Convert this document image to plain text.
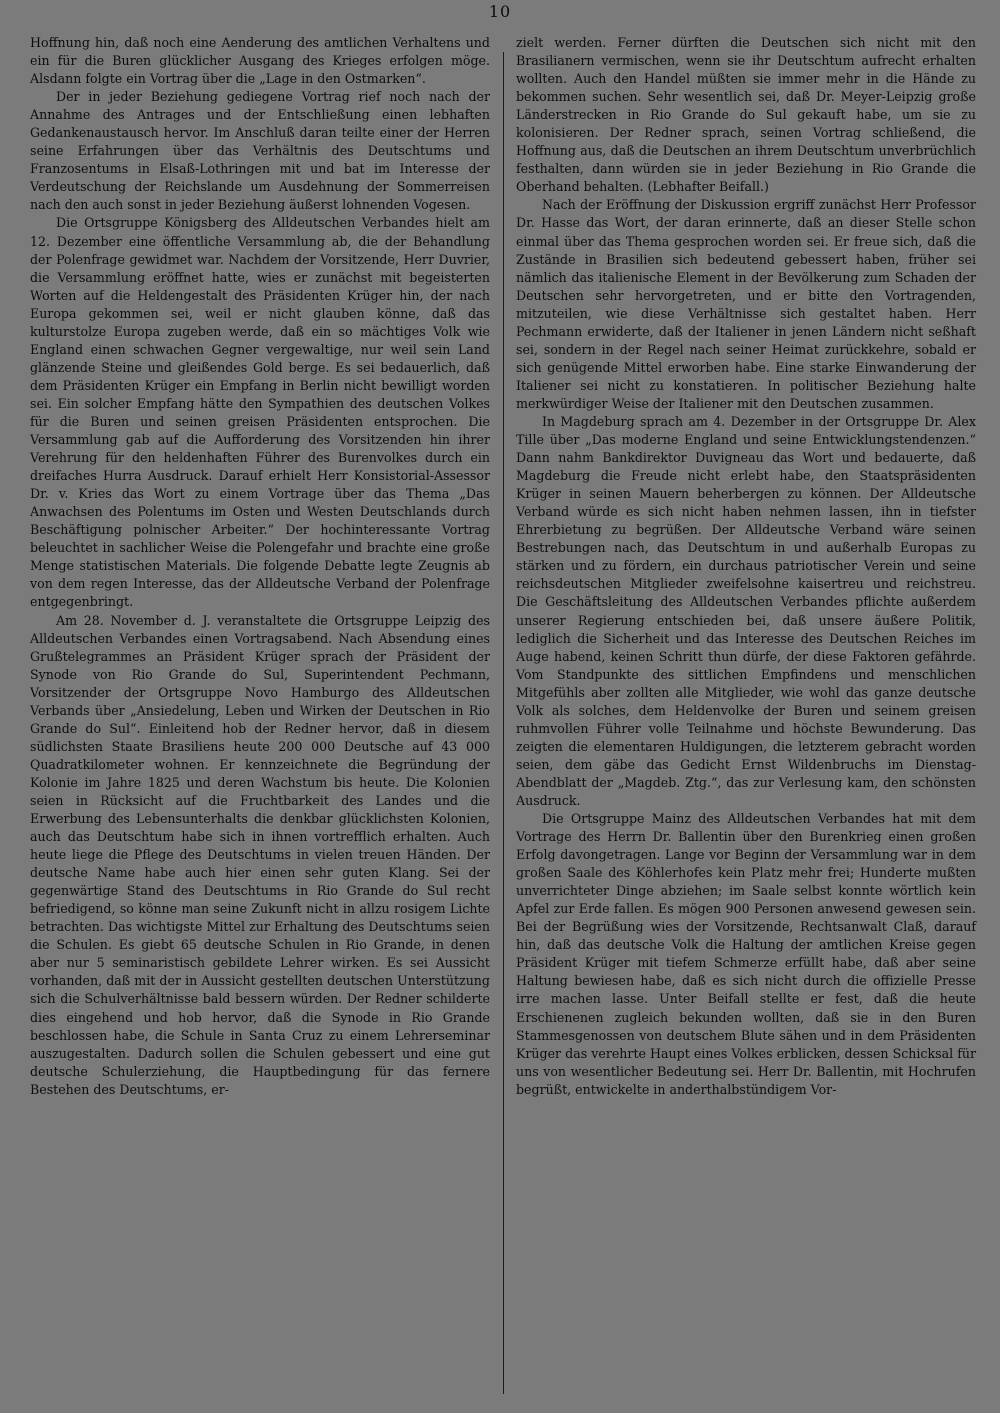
10

Hoffnung hin, daß noch eine Aenderung des amtlichen Verhaltens und ein für die Buren glücklicher Ausgang des Krieges erfolgen möge. Alsdann folgte ein Vortrag über die „Lage in den Ostmarken“.

Der in jeder Beziehung gediegene Vortrag rief noch nach der Annahme des Antrages und der Entschließung einen lebhaften Gedankenaustausch hervor. Im Anschluß daran teilte einer der Herren seine Erfahrungen über das Verhältnis des Deutschtums und Franzosentums in Elsaß-Lothringen mit und bat im Interesse der Verdeutschung der Reichslande um Ausdehnung der Sommerreisen nach den auch sonst in jeder Beziehung äußerst lohnenden Vogesen.

Die Ortsgruppe Königsberg des Alldeutschen Verbandes hielt am 12. Dezember eine öffentliche Versammlung ab, die der Behandlung der Polenfrage gewidmet war. Nachdem der Vorsitzende, Herr Duvrier, die Versammlung eröffnet hatte, wies er zunächst mit begeisterten Worten auf die Heldengestalt des Präsidenten Krüger hin, der nach Europa gekommen sei, weil er nicht glauben könne, daß das kulturstolze Europa zugeben werde, daß ein so mächtiges Volk wie England einen schwachen Gegner vergewaltige, nur weil sein Land glänzende Steine und gleißendes Gold berge. Es sei bedauerlich, daß dem Präsidenten Krüger ein Empfang in Berlin nicht bewilligt worden sei. Ein solcher Empfang hätte den Sympathien des deutschen Volkes für die Buren und seinen greisen Präsidenten entsprochen. Die Versammlung gab auf die Aufforderung des Vorsitzenden hin ihrer Verehrung für den heldenhaften Führer des Burenvolkes durch ein dreifaches Hurra Ausdruck. Darauf erhielt Herr Konsistorial-Assessor Dr. v. Kries das Wort zu einem Vortrage über das Thema „Das Anwachsen des Polentums im Osten und Westen Deutschlands durch Beschäftigung polnischer Arbeiter.“ Der hochinteressante Vortrag beleuchtet in sachlicher Weise die Polengefahr und brachte eine große Menge statistischen Materials. Die folgende Debatte legte Zeugnis ab von dem regen Interesse, das der Alldeutsche Verband der Polenfrage entgegenbringt.

Am 28. November d. J. veranstaltete die Ortsgruppe Leipzig des Alldeutschen Verbandes einen Vortragsabend. Nach Absendung eines Grußtelegrammes an Präsident Krüger sprach der Präsident der Synode von Rio Grande do Sul, Superintendent Pechmann, Vorsitzender der Ortsgruppe Novo Hamburgo des Alldeutschen Verbands über „Ansiedelung, Leben und Wirken der Deutschen in Rio Grande do Sul“. Einleitend hob der Redner hervor, daß in diesem südlichsten Staate Brasiliens heute 200 000 Deutsche auf 43 000 Quadratkilometer wohnen. Er kennzeichnete die Begründung der Kolonie im Jahre 1825 und deren Wachstum bis heute. Die Kolonien seien in Rücksicht auf die Fruchtbarkeit des Landes und die Erwerbung des Lebensunterhalts die denkbar glücklichsten Kolonien, auch das Deutschtum habe sich in ihnen vortrefflich erhalten. Auch heute liege die Pflege des Deutschtums in vielen treuen Händen. Der deutsche Name habe auch hier einen sehr guten Klang. Sei der gegenwärtige Stand des Deutschtums in Rio Grande do Sul recht befriedigend, so könne man seine Zukunft nicht in allzu rosigem Lichte betrachten. Das wichtigste Mittel zur Erhaltung des Deutschtums seien die Schulen. Es giebt 65 deutsche Schulen in Rio Grande, in denen aber nur 5 seminaristisch gebildete Lehrer wirken. Es sei Aussicht vorhanden, daß mit der in Aussicht gestellten deutschen Unterstützung sich die Schulverhältnisse bald bessern würden. Der Redner schilderte dies eingehend und hob hervor, daß die Synode in Rio Grande beschlossen habe, die Schule in Santa Cruz zu einem Lehrerseminar auszugestalten. Dadurch sollen die Schulen gebessert und eine gut deutsche Schulerziehung, die Hauptbedingung für das fernere Bestehen des Deutschtums, er-

zielt werden. Ferner dürften die Deutschen sich nicht mit den Brasilianern vermischen, wenn sie ihr Deutschtum aufrecht erhalten wollten. Auch den Handel müßten sie immer mehr in die Hände zu bekommen suchen. Sehr wesentlich sei, daß Dr. Meyer-Leipzig große Länderstrecken in Rio Grande do Sul gekauft habe, um sie zu kolonisieren. Der Redner sprach, seinen Vortrag schließend, die Hoffnung aus, daß die Deutschen an ihrem Deutschtum unverbrüchlich festhalten, dann würden sie in jeder Beziehung in Rio Grande die Oberhand behalten. (Lebhafter Beifall.)

Nach der Eröffnung der Diskussion ergriff zunächst Herr Professor Dr. Hasse das Wort, der daran erinnerte, daß an dieser Stelle schon einmal über das Thema gesprochen worden sei. Er freue sich, daß die Zustände in Brasilien sich bedeutend gebessert haben, früher sei nämlich das italienische Element in der Bevölkerung zum Schaden der Deutschen sehr hervorgetreten, und er bitte den Vortragenden, mitzuteilen, wie diese Verhältnisse sich gestaltet haben. Herr Pechmann erwiderte, daß der Italiener in jenen Ländern nicht seßhaft sei, sondern in der Regel nach seiner Heimat zurückkehre, sobald er sich genügende Mittel erworben habe. Eine starke Einwanderung der Italiener sei nicht zu konstatieren. In politischer Beziehung halte merkwürdiger Weise der Italiener mit den Deutschen zusammen.

In Magdeburg sprach am 4. Dezember in der Ortsgruppe Dr. Alex Tille über „Das moderne England und seine Entwicklungstendenzen.“ Dann nahm Bankdirektor Duvigneau das Wort und bedauerte, daß Magdeburg die Freude nicht erlebt habe, den Staatspräsidenten Krüger in seinen Mauern beherbergen zu können. Der Alldeutsche Verband würde es sich nicht haben nehmen lassen, ihn in tiefster Ehrerbietung zu begrüßen. Der Alldeutsche Verband wäre seinen Bestrebungen nach, das Deutschtum in und außerhalb Europas zu stärken und zu fördern, ein durchaus patriotischer Verein und seine reichsdeutschen Mitglieder zweifelsohne kaisertreu und reichstreu. Die Geschäftsleitung des Alldeutschen Verbandes pflichte außerdem unserer Regierung entschieden bei, daß unsere äußere Politik, lediglich die Sicherheit und das Interesse des Deutschen Reiches im Auge habend, keinen Schritt thun dürfe, der diese Faktoren gefährde. Vom Standpunkte des sittlichen Empfindens und menschlichen Mitgefühls aber zollten alle Mitglieder, wie wohl das ganze deutsche Volk als solches, dem Heldenvolke der Buren und seinem greisen ruhmvollen Führer volle Teilnahme und höchste Bewunderung. Das zeigten die elementaren Huldigungen, die letzterem gebracht worden seien, dem gäbe das Gedicht Ernst Wildenbruchs im Dienstag-Abendblatt der „Magdeb. Ztg.“, das zur Verlesung kam, den schönsten Ausdruck.

Die Ortsgruppe Mainz des Alldeutschen Verbandes hat mit dem Vortrage des Herrn Dr. Ballentin über den Burenkrieg einen großen Erfolg davongetragen. Lange vor Beginn der Versammlung war in dem großen Saale des Köhlerhofes kein Platz mehr frei; Hunderte mußten unverrichteter Dinge abziehen; im Saale selbst konnte wörtlich kein Apfel zur Erde fallen. Es mögen 900 Personen anwesend gewesen sein. Bei der Begrüßung wies der Vorsitzende, Rechtsanwalt Claß, darauf hin, daß das deutsche Volk die Haltung der amtlichen Kreise gegen Präsident Krüger mit tiefem Schmerze erfüllt habe, daß aber seine Haltung bewiesen habe, daß es sich nicht durch die offizielle Presse irre machen lasse. Unter Beifall stellte er fest, daß die heute Erschienenen zugleich bekunden wollten, daß sie in den Buren Stammesgenossen von deutschem Blute sähen und in dem Präsidenten Krüger das verehrte Haupt eines Volkes erblicken, dessen Schicksal für uns von wesentlicher Bedeutung sei. Herr Dr. Ballentin, mit Hochrufen begrüßt, entwickelte in anderthalbstündigem Vor-
